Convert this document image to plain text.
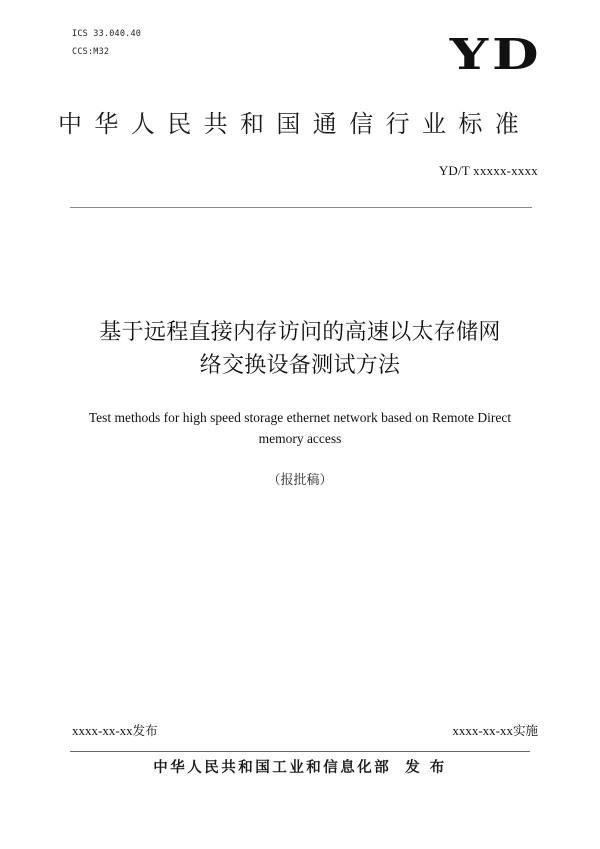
ICS 33.040.40
CCS:M32	YD
中华人民共和国通信行业标准
YD/T xxxxx-xxxx
基于远程直接内存访问的高速以太存储网
络交换设备测试方法
Test methods for high speed storage ethernet network based on Remote Direct
memory access
（报批稿）
xxxx-xx-xx发布	xxxx-xx-xx实施
中华人民共和国工业和信息化部 发 布
